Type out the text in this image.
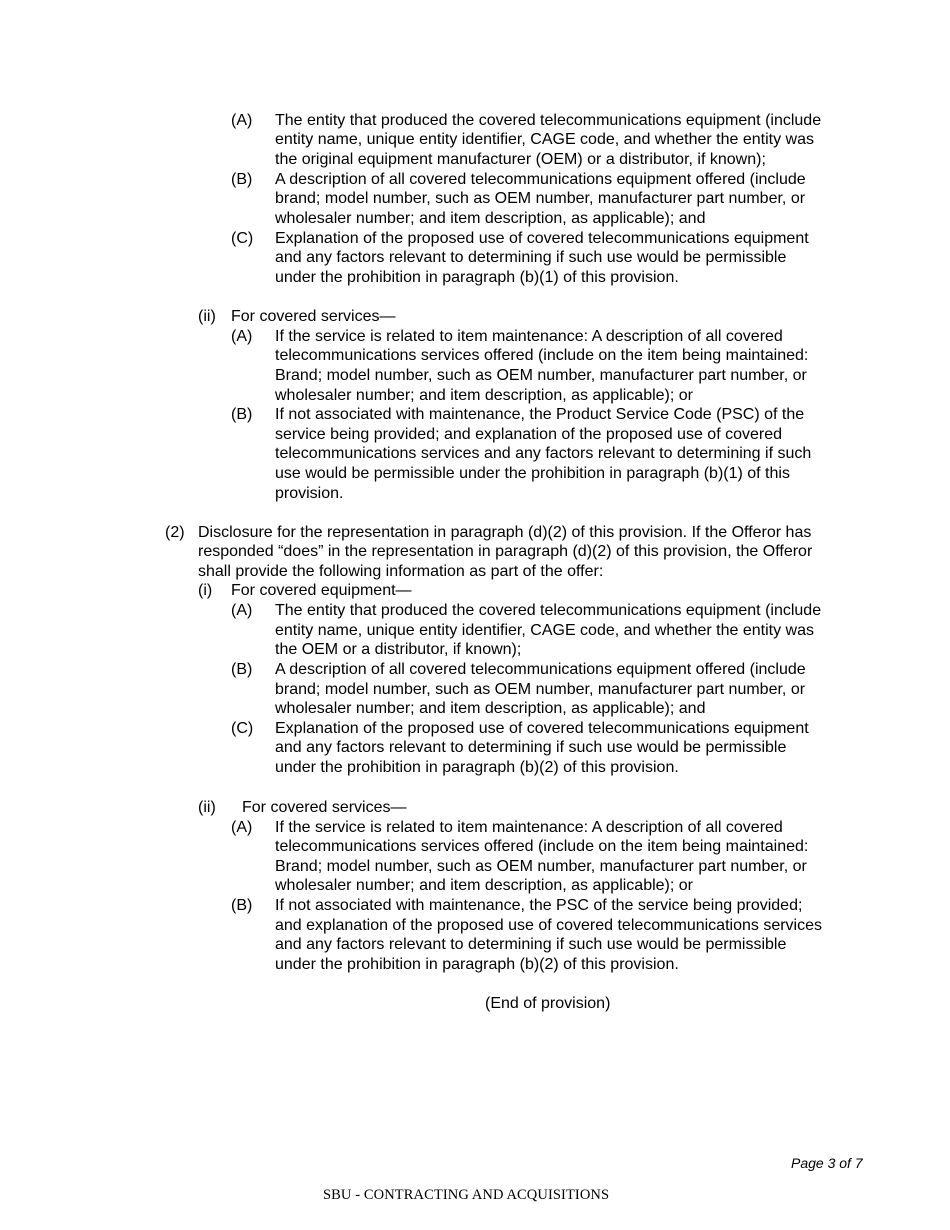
(A) The entity that produced the covered telecommunications equipment (include
entity name, unique entity identifier, CAGE code, and whether the entity was
the original equipment manufacturer (OEM) or a distributor, if known);
(B) A description of all covered telecommunications equipment offered (include
brand; model number, such as OEM number, manufacturer part number, or
wholesaler number; and item description, as applicable); and
(C) Explanation of the proposed use of covered telecommunications equipment
and any factors relevant to determining if such use would be permissible
under the prohibition in paragraph (b)(1) of this provision.
(ii) For covered services—
(A) If the service is related to item maintenance: A description of all covered
telecommunications services offered (include on the item being maintained:
Brand; model number, such as OEM number, manufacturer part number, or
wholesaler number; and item description, as applicable); or
(B) If not associated with maintenance, the Product Service Code (PSC) of the
service being provided; and explanation of the proposed use of covered
telecommunications services and any factors relevant to determining if such
use would be permissible under the prohibition in paragraph (b)(1) of this
provision.
(2) Disclosure for the representation in paragraph (d)(2) of this provision. If the Offeror has
responded “does” in the representation in paragraph (d)(2) of this provision, the Offeror
shall provide the following information as part of the offer:
(i) For covered equipment—
(A) The entity that produced the covered telecommunications equipment (include
entity name, unique entity identifier, CAGE code, and whether the entity was
the OEM or a distributor, if known);
(B) A description of all covered telecommunications equipment offered (include
brand; model number, such as OEM number, manufacturer part number, or
wholesaler number; and item description, as applicable); and
(C) Explanation of the proposed use of covered telecommunications equipment
and any factors relevant to determining if such use would be permissible
under the prohibition in paragraph (b)(2) of this provision.
(ii) For covered services—
(A) If the service is related to item maintenance: A description of all covered
telecommunications services offered (include on the item being maintained:
Brand; model number, such as OEM number, manufacturer part number, or
wholesaler number; and item description, as applicable); or
(B) If not associated with maintenance, the PSC of the service being provided;
and explanation of the proposed use of covered telecommunications services
and any factors relevant to determining if such use would be permissible
under the prohibition in paragraph (b)(2) of this provision.
(End of provision)
Page 3 of 7
SBU - CONTRACTING AND ACQUISITIONS
